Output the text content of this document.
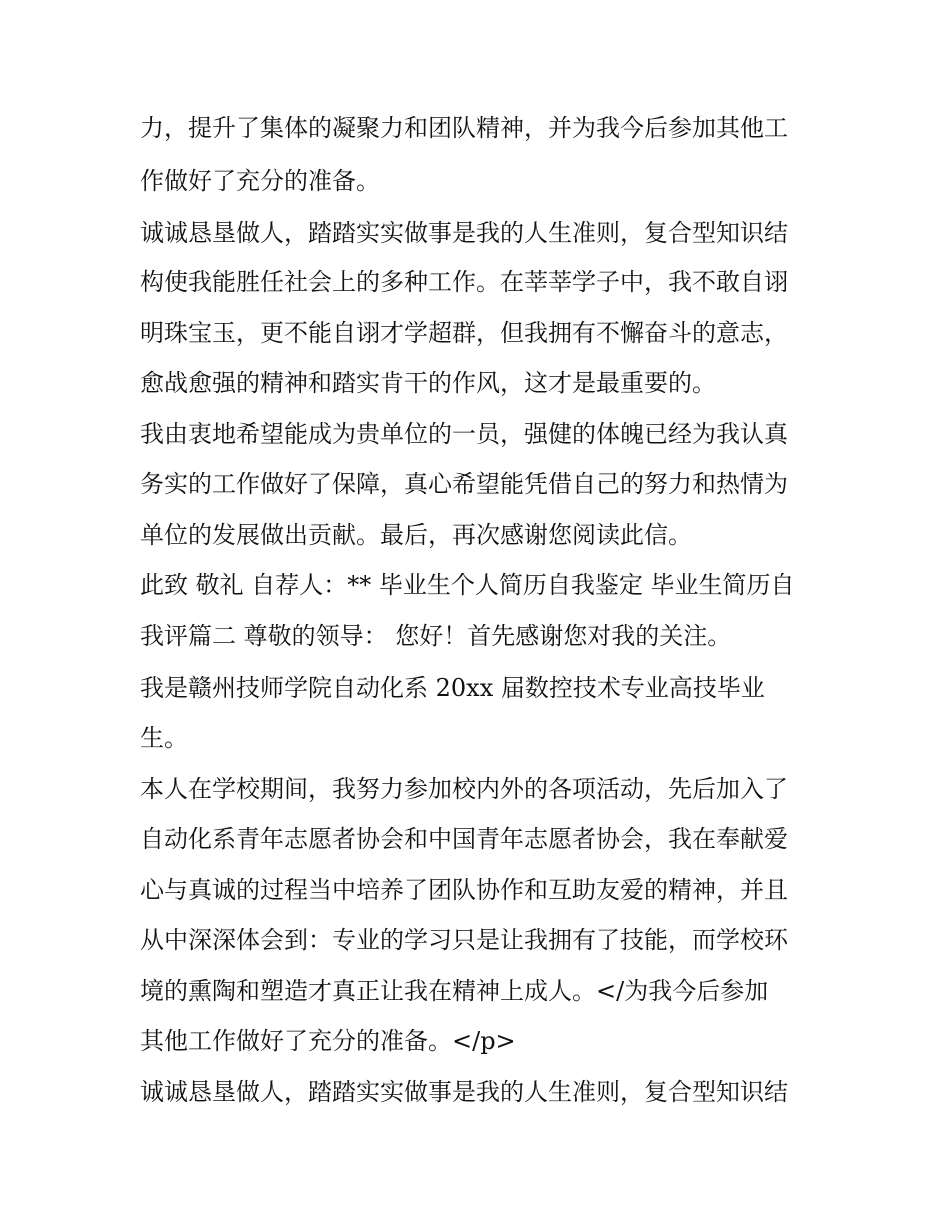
力，提升了集体的凝聚力和团队精神，并为我今后参加其他工

作做好了充分的准备。

诚诚恳垦做人，踏踏实实做事是我的人生准则，复合型知识结

构使我能胜任社会上的多种工作。在莘莘学子中，我不敢自诩

明珠宝玉，更不能自诩才学超群，但我拥有不懈奋斗的意志，

愈战愈强的精神和踏实肯干的作风，这才是最重要的。

我由衷地希望能成为贵单位的一员，强健的体魄已经为我认真

务实的工作做好了保障，真心希望能凭借自己的努力和热情为

单位的发展做出贡献。最后，再次感谢您阅读此信。

此致 敬礼 自荐人：** 毕业生个人简历自我鉴定 毕业生简历自

我评篇二 尊敬的领导： 您好！首先感谢您对我的关注。

我是赣州技师学院自动化系 20xx 届数控技术专业高技毕业

生。

本人在学校期间，我努力参加校内外的各项活动，先后加入了

自动化系青年志愿者协会和中国青年志愿者协会，我在奉献爱

心与真诚的过程当中培养了团队协作和互助友爱的精神，并且

从中深深体会到：专业的学习只是让我拥有了技能，而学校环

境的熏陶和塑造才真正让我在精神上成人。</为我今后参加

其他工作做好了充分的准备。</p>

诚诚恳垦做人，踏踏实实做事是我的人生准则，复合型知识结
